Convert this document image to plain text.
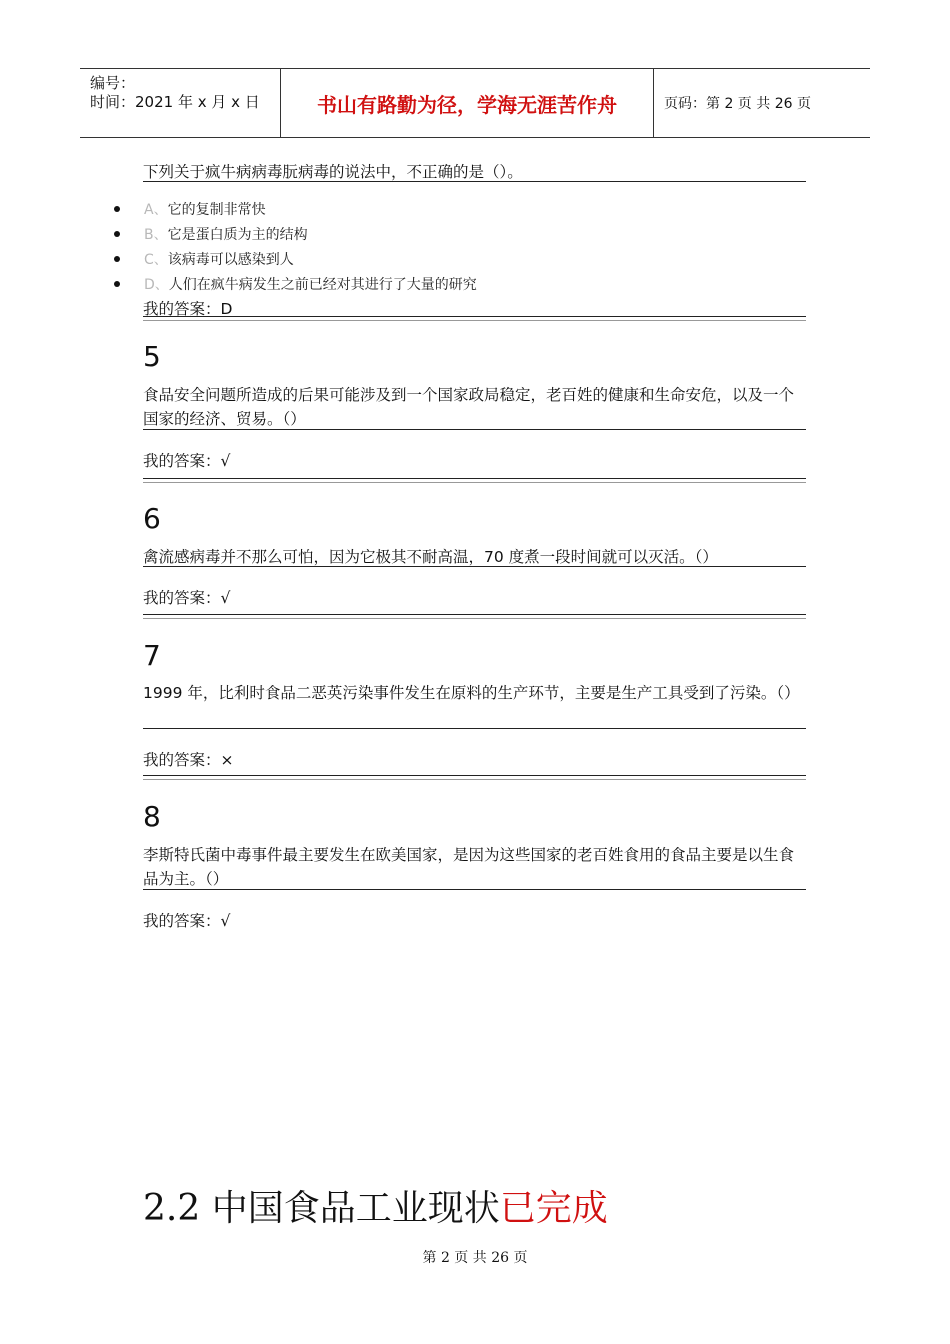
编号：
时间：2021 年 x 月 x 日	书山有路勤为径，学海无涯苦作舟	页码：第 2 页 共 26 页
下列关于疯牛病病毒朊病毒的说法中，不正确的是（）。
A、 它的复制非常快
B、 它是蛋白质为主的结构
C、 该病毒可以感染到人
D、 人们在疯牛病发生之前已经对其进行了大量的研究
我的答案：D
5
食品安全问题所造成的后果可能涉及到一个国家政局稳定，老百姓的健康和生命安危，以及一个国家的经济、贸易。（）
我的答案：√
6
禽流感病毒并不那么可怕，因为它极其不耐高温，70 度煮一段时间就可以灭活。（）
我的答案：√
7
1999 年，比利时食品二恶英污染事件发生在原料的生产环节，主要是生产工具受到了污染。（）
我的答案：×
8
李斯特氏菌中毒事件最主要发生在欧美国家，是因为这些国家的老百姓食用的食品主要是以生食品为主。（）
我的答案：√
2.2 中国食品工业现状已完成
第 2 页 共 26 页
